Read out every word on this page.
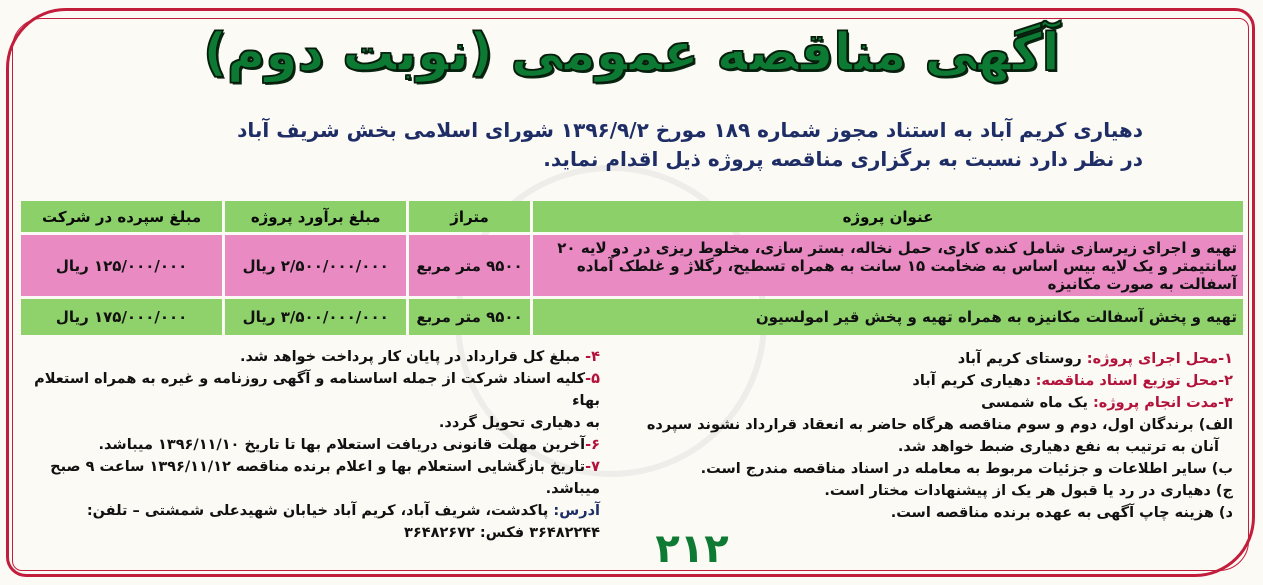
آگهی مناقصه عمومی (نوبت دوم)
دهیاری کریم آباد به استناد مجوز شماره ۱۸۹ مورخ ۱۳۹۶/۹/۲ شورای اسلامی بخش شریف آباد
در نظر دارد نسبت به برگزاری مناقصه پروژه ذیل اقدام نماید.
عنوان پروژه	متراژ	مبلغ برآورد پروژه	مبلغ سپرده در شرکت
تهیه و اجرای زیرسازی شامل کنده کاری، حمل نخاله، بستر سازی، مخلوط ریزی در دو لایه ۲۰ سانتیمتر و یک لایه بیس اساس به ضخامت ۱۵ سانت به همراه تسطیح، رگلاژ و غلطک آماده آسفالت به صورت مکانیزه	۹۵۰۰ متر مربع	۲/۵۰۰/۰۰۰/۰۰۰ ریال	۱۲۵/۰۰۰/۰۰۰ ریال
تهیه و پخش آسفالت مکانیزه به همراه تهیه و پخش قیر امولسیون	۹۵۰۰ متر مربع	۳/۵۰۰/۰۰۰/۰۰۰ ریال	۱۷۵/۰۰۰/۰۰۰ ریال
۱-محل اجرای پروژه: روستای کریم آباد
۲-محل توزیع اسناد مناقصه: دهیاری کریم آباد
۳-مدت انجام پروژه: یک ماه شمسی
الف) برندگان اول، دوم و سوم مناقصه هرگاه حاضر به انعقاد قرارداد نشوند سپرده
آنان به ترتیب به نفع دهیاری ضبط خواهد شد.
ب) سایر اطلاعات و جزئیات مربوط به معامله در اسناد مناقصه مندرج است.
ج) دهیاری در رد یا قبول هر یک از پیشنهادات مختار است.
د) هزینه چاپ آگهی به عهده برنده مناقصه است.
۴- مبلغ کل قرارداد در پایان کار پرداخت خواهد شد.
۵-کلیه اسناد شرکت از جمله اساسنامه و آگهی روزنامه و غیره به همراه استعلام بهاء
به دهیاری تحویل گردد.
۶-آخرین مهلت قانونی دریافت استعلام بها تا تاریخ ۱۳۹۶/۱۱/۱۰ میباشد.
۷-تاریخ بازگشایی استعلام بها و اعلام برنده مناقصه ۱۳۹۶/۱۱/۱۲ ساعت ۹ صبح
میباشد.
آدرس: پاکدشت، شریف آباد، کریم آباد خیابان شهیدعلی شمشتی – تلفن:
۳۶۴۸۲۲۴۴ فکس: ۳۶۴۸۲۶۷۲	۲۱۲
